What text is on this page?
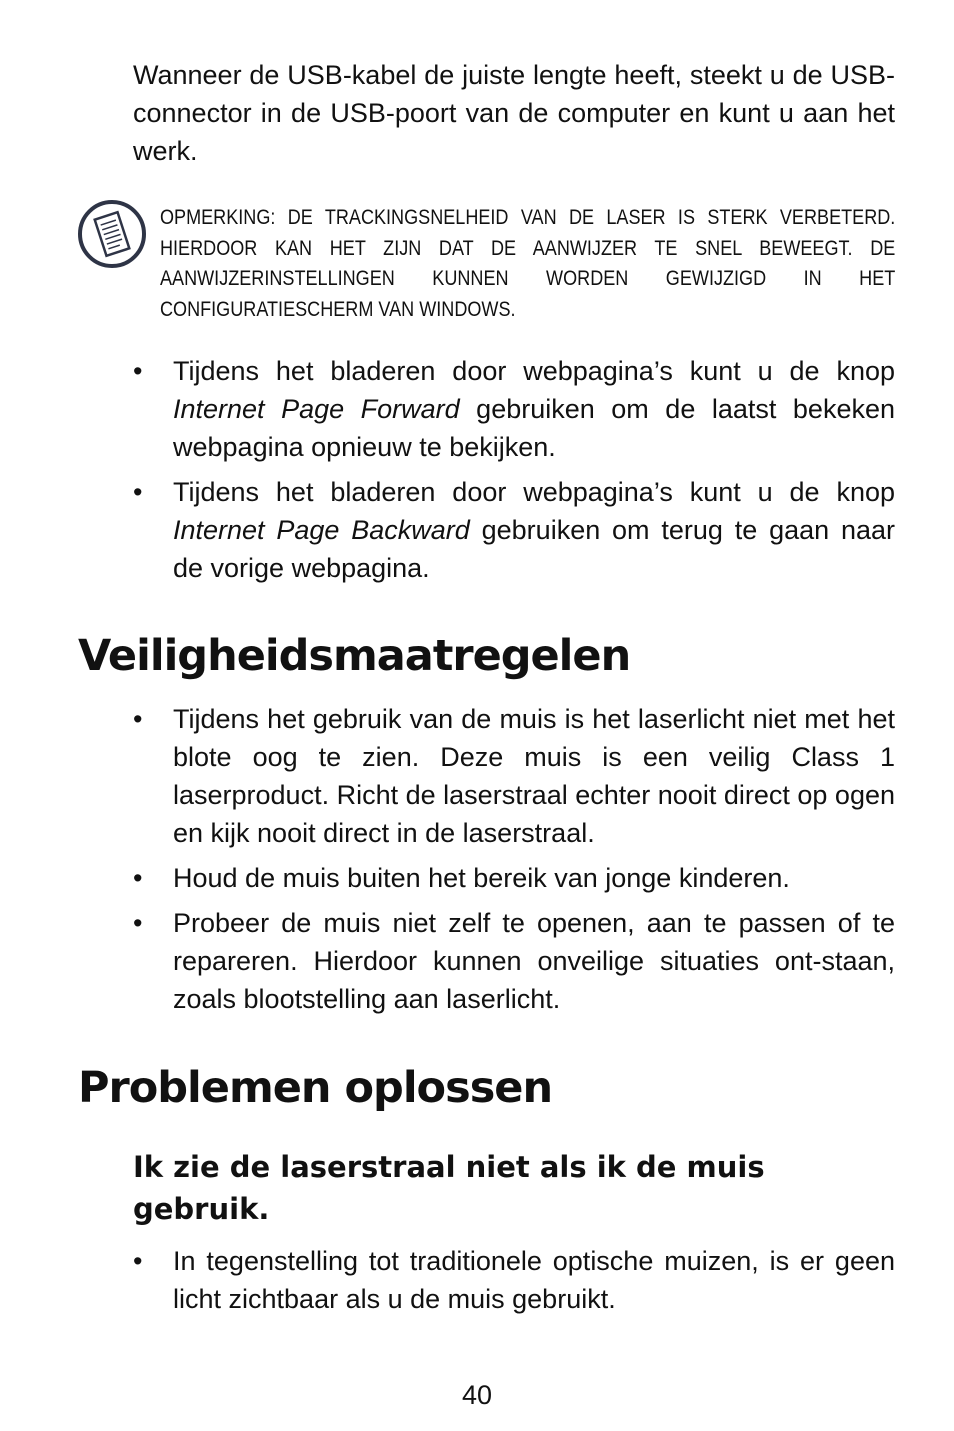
Wanneer de USB-kabel de juiste lengte heeft, steekt u de USB-connector in de USB-poort van de computer en kunt u aan het werk.

OPMERKING: DE TRACKINGSNELHEID VAN DE LASER IS STERK VERBETERD. HIERDOOR KAN HET ZIJN DAT DE AANWIJZER TE SNEL BEWEEGT. DE AANWIJZERINSTELLINGEN KUNNEN WORDEN GEWIJZIGD IN HET CONFIGURATIESCHERM VAN WINDOWS.

•	Tijdens het bladeren door webpagina’s kunt u de knop Internet Page Forward gebruiken om de laatst bekeken webpagina opnieuw te bekijken.
•	Tijdens het bladeren door webpagina’s kunt u de knop Internet Page Backward gebruiken om terug te gaan naar de vorige webpagina.
Veiligheidsmaatregelen
•	Tijdens het gebruik van de muis is het laserlicht niet met het blote oog te zien. Deze muis is een veilig Class 1 laserproduct. Richt de laserstraal echter nooit direct op ogen en kijk nooit direct in de laserstraal.
•	Houd de muis buiten het bereik van jonge kinderen.
•	Probeer de muis niet zelf te openen, aan te passen of te repareren. Hierdoor kunnen onveilige situaties ont-staan, zoals blootstelling aan laserlicht.
Problemen oplossen
Ik zie de laserstraal niet als ik de muis gebruik.
•	In tegenstelling tot traditionele optische muizen, is er geen licht zichtbaar als u de muis gebruikt.
40
